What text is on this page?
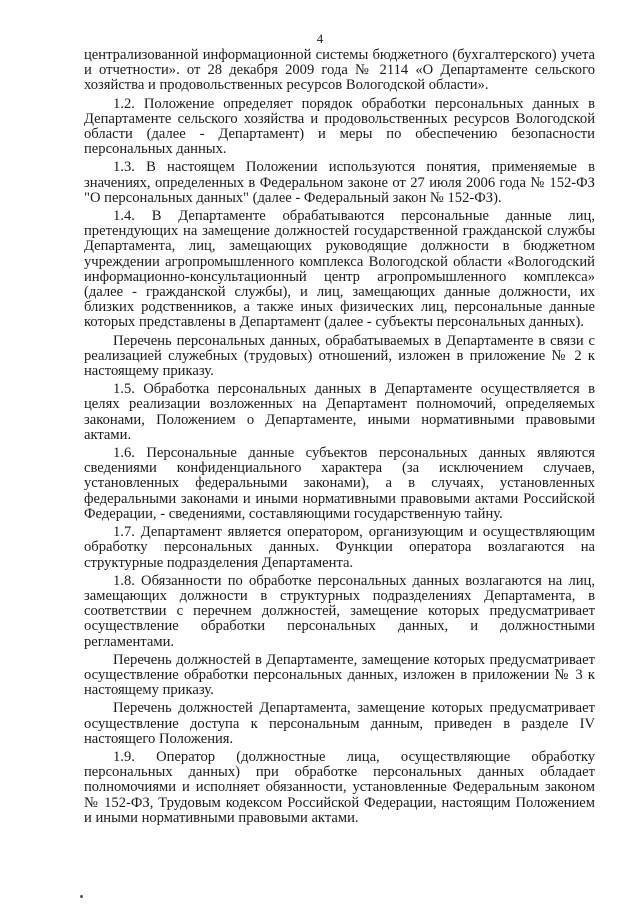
4

централизованной информационной системы бюджетного (бухгалтерского) учета и отчетности». от 28 декабря 2009 года № 2114 «О Департаменте сельского хозяйства и продовольственных ресурсов Вологодской области».

1.2. Положение определяет порядок обработки персональных данных в Департаменте сельского хозяйства и продовольственных ресурсов Вологодской области (далее - Департамент) и меры по обеспечению безопасности персональных данных.

1.3. В настоящем Положении используются понятия, применяемые в значениях, определенных в Федеральном законе от 27 июля 2006 года № 152-ФЗ "О персональных данных" (далее - Федеральный закон № 152-ФЗ).

1.4. В Департаменте обрабатываются персональные данные лиц, претендующих на замещение должностей государственной гражданской службы Департамента, лиц, замещающих руководящие должности в бюджетном учреждении агропромышленного комплекса Вологодской области «Вологодский информационно-консультационный центр агропромышленного комплекса» (далее - гражданской службы), и лиц, замещающих данные должности, их близких родственников, а также иных физических лиц, персональные данные которых представлены в Департамент (далее - субъекты персональных данных).

Перечень персональных данных, обрабатываемых в Департаменте в связи с реализацией служебных (трудовых) отношений, изложен в приложение № 2 к настоящему приказу.

1.5. Обработка персональных данных в Департаменте осуществляется в целях реализации возложенных на Департамент полномочий, определяемых законами, Положением о Департаменте, иными нормативными правовыми актами.

1.6. Персональные данные субъектов персональных данных являются сведениями конфиденциального характера (за исключением случаев, установленных федеральными законами), а в случаях, установленных федеральными законами и иными нормативными правовыми актами Российской Федерации, - сведениями, составляющими государственную тайну.

1.7. Департамент является оператором, организующим и осуществляющим обработку персональных данных. Функции оператора возлагаются на структурные подразделения Департамента.

1.8. Обязанности по обработке персональных данных возлагаются на лиц, замещающих должности в структурных подразделениях Департамента, в соответствии с перечнем должностей, замещение которых предусматривает осуществление обработки персональных данных, и должностными регламентами.

Перечень должностей в Департаменте, замещение которых предусматривает осуществление обработки персональных данных, изложен в приложении № 3 к настоящему приказу.

Перечень должностей Департамента, замещение которых предусматривает осуществление доступа к персональным данным, приведен в разделе IV настоящего Положения.

1.9. Оператор (должностные лица, осуществляющие обработку персональных данных) при обработке персональных данных обладает полномочиями и исполняет обязанности, установленные Федеральным законом № 152-ФЗ, Трудовым кодексом Российской Федерации, настоящим Положением и иными нормативными правовыми актами.
